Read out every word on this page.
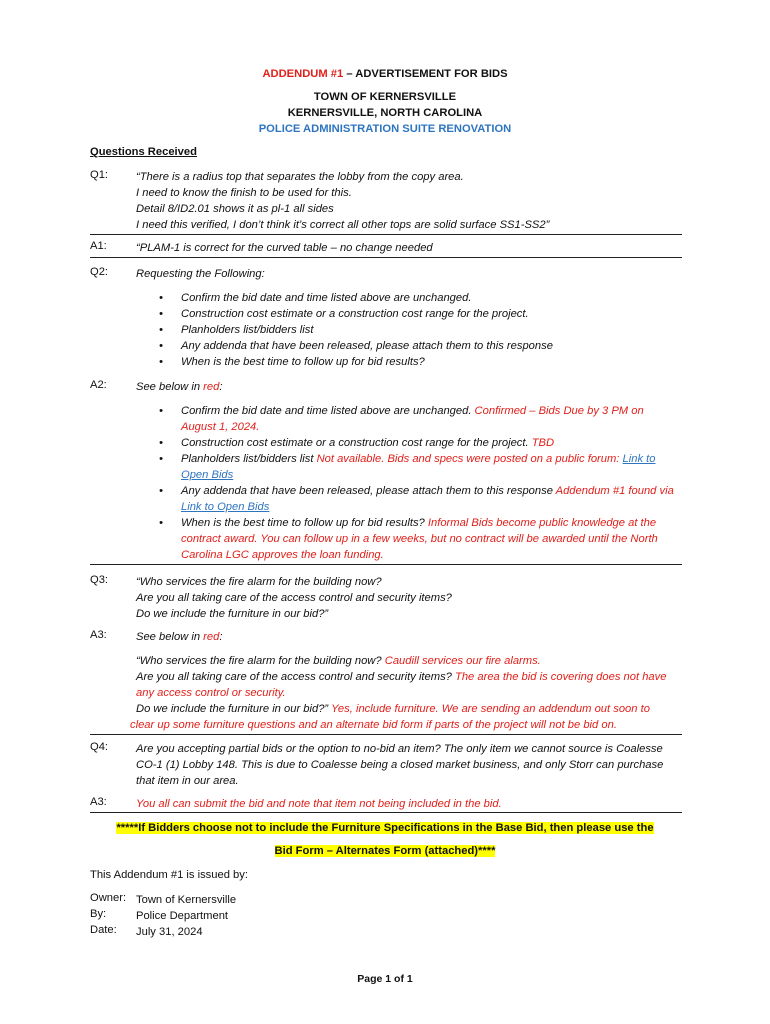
ADDENDUM #1 – ADVERTISEMENT FOR BIDS
TOWN OF KERNERSVILLE
KERNERSVILLE, NORTH CAROLINA
POLICE ADMINISTRATION SUITE RENOVATION
Questions Received
Q1: “There is a radius top that separates the lobby from the copy area.
I need to know the finish to be used for this.
Detail 8/ID2.01 shows it as pl-1 all sides
I need this verified, I don’t think it’s correct all other tops are solid surface SS1-SS2”
A1:	“PLAM-1 is correct for the curved table – no change needed
Q2: Requesting the Following:
• Confirm the bid date and time listed above are unchanged.
• Construction cost estimate or a construction cost range for the project.
• Planholders list/bidders list
• Any addenda that have been released, please attach them to this response
• When is the best time to follow up for bid results?
A2:	See below in red:
• Confirm the bid date and time listed above are unchanged. Confirmed – Bids Due by 3 PM on August 1, 2024.
• Construction cost estimate or a construction cost range for the project. TBD
• Planholders list/bidders list Not available. Bids and specs were posted on a public forum: Link to Open Bids
• Any addenda that have been released, please attach them to this response Addendum #1 found via Link to Open Bids
• When is the best time to follow up for bid results? Informal Bids become public knowledge at the contract award. You can follow up in a few weeks, but no contract will be awarded until the North Carolina LGC approves the loan funding.
Q3: “Who services the fire alarm for the building now?
Are you all taking care of the access control and security items?
Do we include the furniture in our bid?”
A3:	See below in red:
“Who services the fire alarm for the building now? Caudill services our fire alarms.
Are you all taking care of the access control and security items? The area the bid is covering does not have
any access control or security.
Do we include the furniture in our bid?” Yes, include furniture. We are sending an addendum out soon to
clear up some furniture questions and an alternate bid form if parts of the project will not be bid on.
Q4: Are you accepting partial bids or the option to no-bid an item? The only item we cannot source is Coalesse
CO-1 (1) Lobby 148. This is due to Coalesse being a closed market business, and only Storr can purchase
that item in our area.
A3:	You all can submit the bid and note that item not being included in the bid.
*****If Bidders choose not to include the Furniture Specifications in the Base Bid, then please use the
Bid Form – Alternates Form (attached)****
This Addendum #1 is issued by:
Owner: Town of Kernersville
By:	Police Department
Date: July 31, 2024
Page 1 of 1
